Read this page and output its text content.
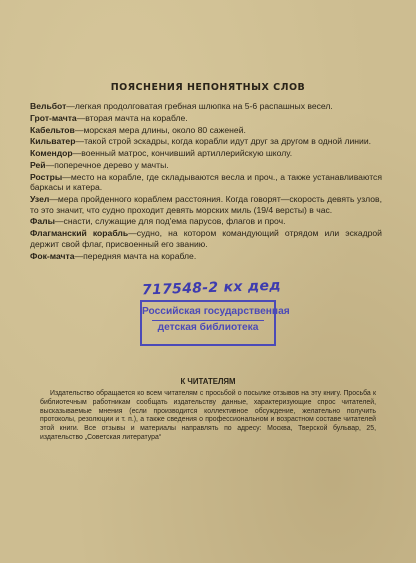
ПОЯСНЕНИЯ НЕПОНЯТНЫХ СЛОВ

Вельбот—легкая продолговатая гребная шлюпка на 5-6 распашных весел.

Грот-мачта—вторая мачта на корабле.

Кабельтов—морская мера длины, около 80 саженей.

Кильватер—такой строй эскадры, когда корабли идут друг за другом в одной линии.

Комендор—военный матрос, кончивший артиллерийскую школу.

Рей—поперечное дерево у мачты.

Ростры—место на корабле, где складываются весла и проч., а также устанавливаются баркасы и катера.

Узел—мера пройденного кораблем расстояния. Когда говорят—скорость девять узлов, то это значит, что судно проходит девять морских миль (19/4 версты) в час.

Фалы—снасти, служащие для под'ема парусов, флагов и проч.

Флагманский корабль—судно, на котором командующий отрядом или эскадрой держит свой флаг, присвоенный его званию.

Фок-мачта—передняя мачта на корабле.

717548-2 кх дед
Российская государственная
детская библиотека
К ЧИТАТЕЛЯМ
Издательство обращается ко всем читателям с просьбой о посылке отзывов на эту книгу. Просьба к библиотечным работникам сообщать издательству данные, характеризующие спрос читателей, высказываемые мнения (если производится коллективное обсуждение, желательно получить протоколы, резолюции и т. п.), а также сведения о профессиональном и возрастном составе читателей этой книги. Все отзывы и материалы направлять по адресу: Москва, Тверской бульвар, 25, издательство „Советская литература“
